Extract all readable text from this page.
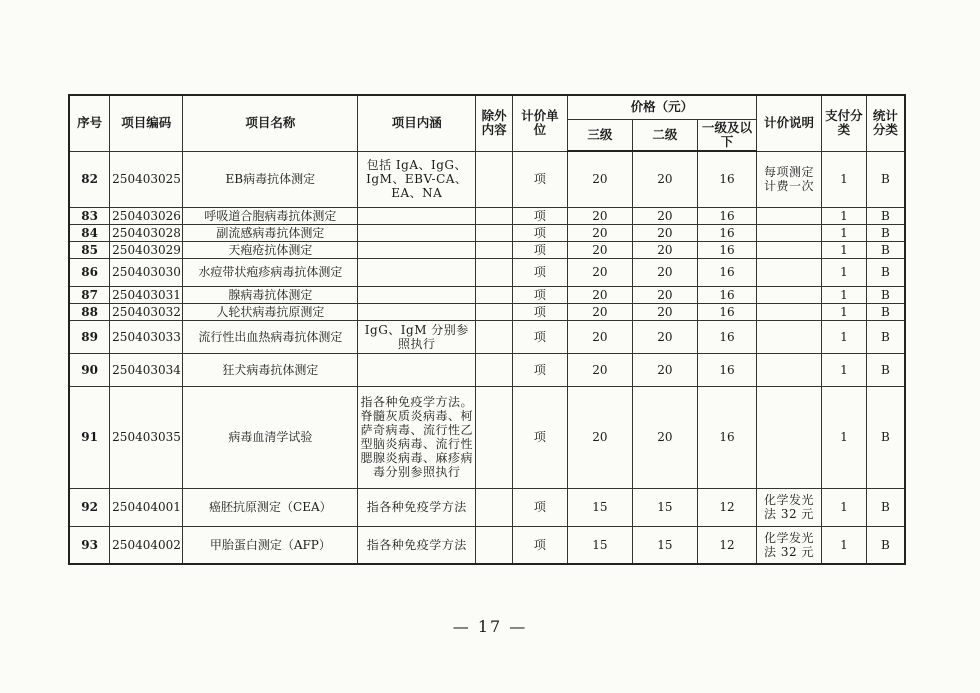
序号	项目编码	项目名称	项目内涵	除外内容	计价单位	价格（元）			计价说明	支付分类	统计分类
						三级	二级	一级及以下			
82	250403025	EB病毒抗体测定	包括 IgA、IgG、IgM、EBV-CA、EA、NA		项	20	20	16	每项测定计费一次	1	B
83	250403026	呼吸道合胞病毒抗体测定			项	20	20	16		1	B
84	250403028	副流感病毒抗体测定			项	20	20	16		1	B
85	250403029	天疱疮抗体测定			项	20	20	16		1	B
86	250403030	水痘带状疱疹病毒抗体测定			项	20	20	16		1	B
87	250403031	腺病毒抗体测定			项	20	20	16		1	B
88	250403032	人轮状病毒抗原测定			项	20	20	16		1	B
89	250403033	流行性出血热病毒抗体测定	IgG、IgM 分别参照执行		项	20	20	16		1	B
90	250403034	狂犬病毒抗体测定			项	20	20	16		1	B
91	250403035	病毒血清学试验	指各种免疫学方法。脊髓灰质炎病毒、柯萨奇病毒、流行性乙型脑炎病毒、流行性腮腺炎病毒、麻疹病毒分别参照执行		项	20	20	16		1	B
92	250404001	癌胚抗原测定（CEA）	指各种免疫学方法		项	15	15	12	化学发光法 32 元	1	B
93	250404002	甲胎蛋白测定（AFP）	指各种免疫学方法		项	15	15	12	化学发光法 32 元	1	B
— 17 —
